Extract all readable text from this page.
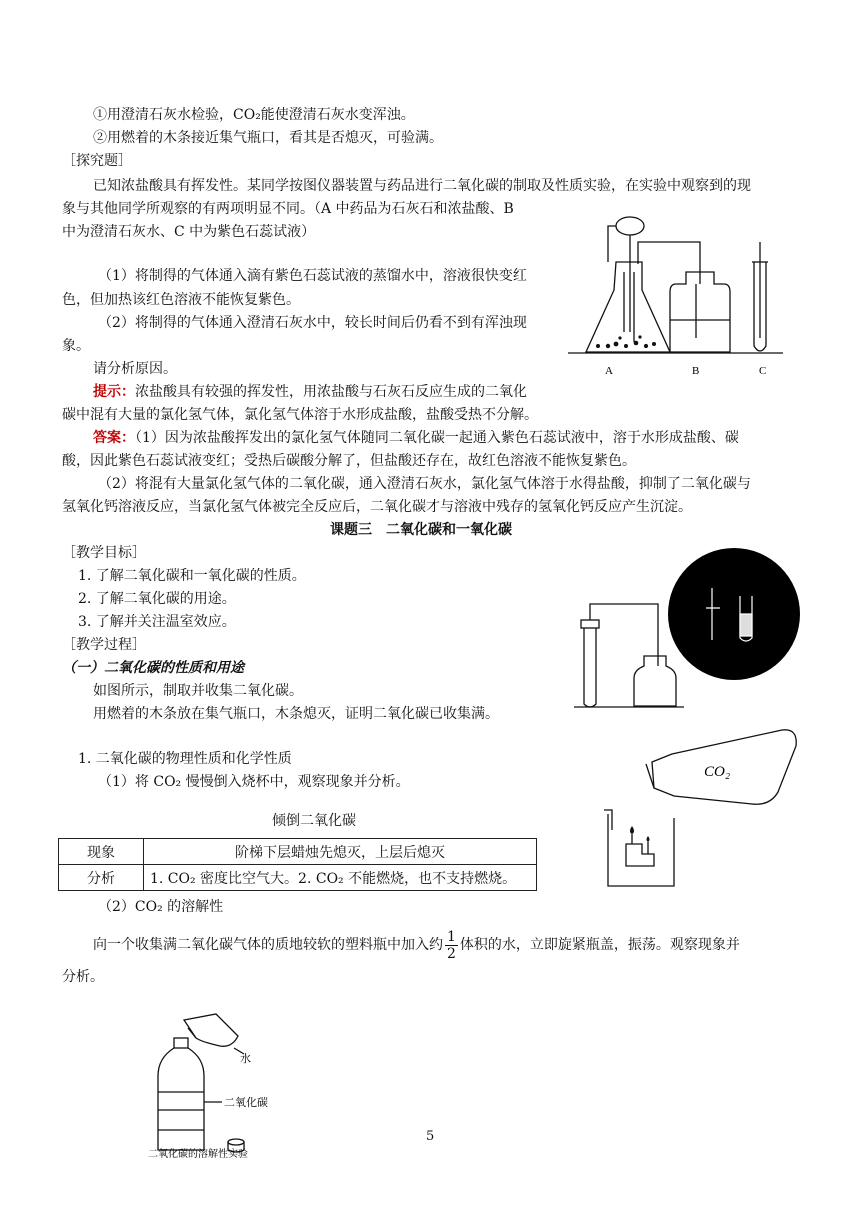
①用澄清石灰水检验，CO₂能使澄清石灰水变浑浊。
②用燃着的木条接近集气瓶口，看其是否熄灭，可验满。
［探究题］
已知浓盐酸具有挥发性。某同学按图仪器装置与药品进行二氧化碳的制取及性质实验，在实验中观察到的现
象与其他同学所观察的有两项明显不同。（A 中药品为石灰石和浓盐酸、B
中为澄清石灰水、C 中为紫色石蕊试液）
（1）将制得的气体通入滴有紫色石蕊试液的蒸馏水中，溶液很快变红
色，但加热该红色溶液不能恢复紫色。
（2）将制得的气体通入澄清石灰水中，较长时间后仍看不到有浑浊现
象。
请分析原因。
提示：浓盐酸具有较强的挥发性，用浓盐酸与石灰石反应生成的二氧化
碳中混有大量的氯化氢气体，氯化氢气体溶于水形成盐酸，盐酸受热不分解。
答案：（1）因为浓盐酸挥发出的氯化氢气体随同二氧化碳一起通入紫色石蕊试液中，溶于水形成盐酸、碳
酸，因此紫色石蕊试液变红；受热后碳酸分解了，但盐酸还存在，故红色溶液不能恢复紫色。
（2）将混有大量氯化氢气体的二氧化碳，通入澄清石灰水，氯化氢气体溶于水得盐酸，抑制了二氧化碳与
氢氧化钙溶液反应，当氯化氢气体被完全反应后，二氧化碳才与溶液中残存的氢氧化钙反应产生沉淀。
课题三　二氧化碳和一氧化碳
［教学目标］
1. 了解二氧化碳和一氧化碳的性质。
2. 了解二氧化碳的用途。
3. 了解并关注温室效应。
［教学过程］
（一）二氧化碳的性质和用途
如图所示，制取并收集二氧化碳。
用燃着的木条放在集气瓶口，木条熄灭，证明二氧化碳已收集满。
1. 二氧化碳的物理性质和化学性质
（1）将 CO₂ 慢慢倒入烧杯中，观察现象并分析。
倾倒二氧化碳
现象	阶梯下层蜡烛先熄灭，上层后熄灭
分析	1. CO₂ 密度比空气大。2. CO₂ 不能燃烧，也不支持燃烧。
（2）CO₂ 的溶解性
向一个收集满二氧化碳气体的质地较软的塑料瓶中加入约 $\frac{1}{2}$ 体积的水，立即旋紧瓶盖，振荡。观察现象并
分析。
5
A	B	C
CO₂
水
二氧化碳
二氧化碳的溶解性实验
